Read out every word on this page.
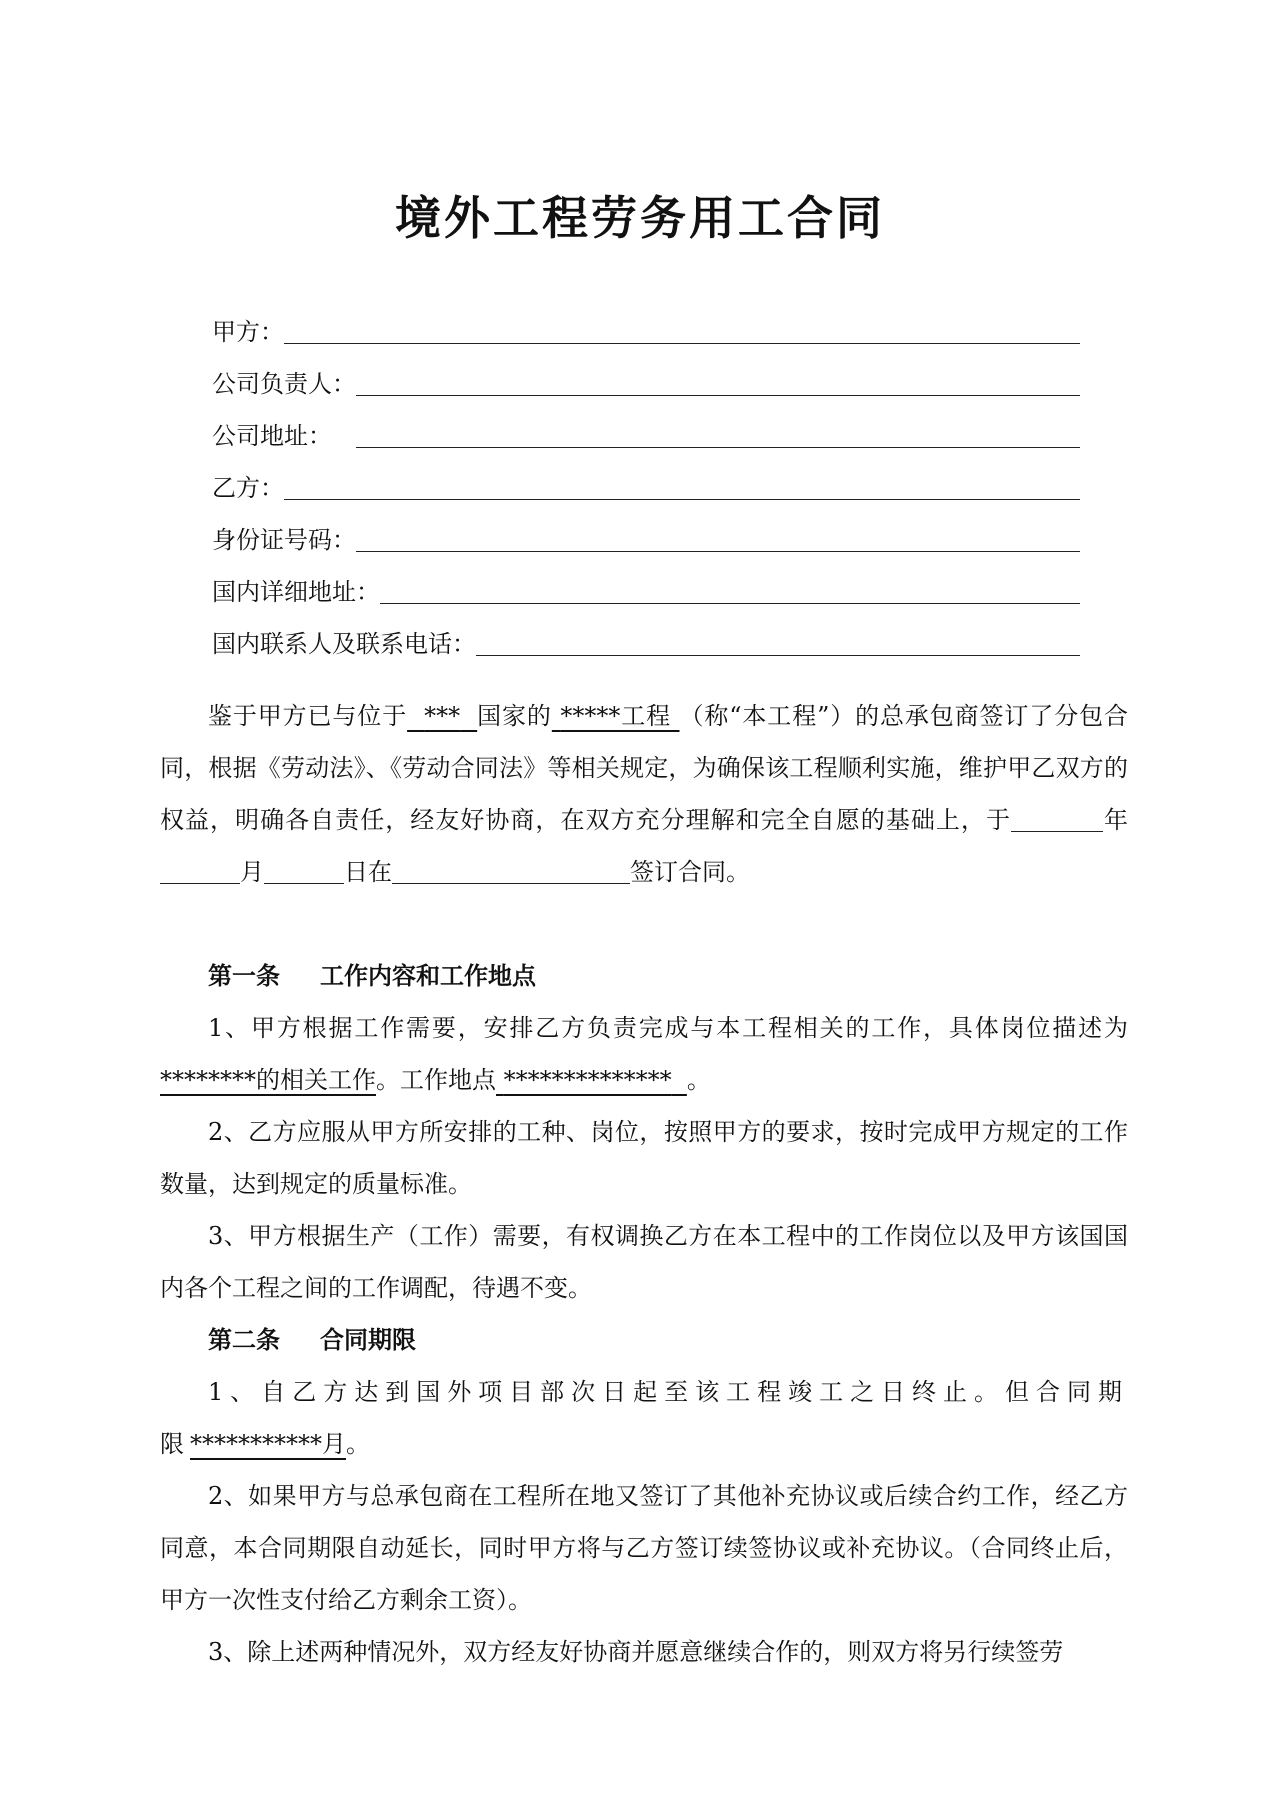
境外工程劳务用工合同
甲方：
公司负责人：
公司地址：
乙方：
身份证号码：
国内详细地址：
国内联系人及联系电话：

鉴于甲方已与位于 *** 国家的 *****工程 （称“本工程”）的总承包商签订了分包合同，根据《劳动法》、《劳动合同法》等相关规定，为确保该工程顺利实施，维护甲乙双方的权益，明确各自责任，经友好协商，在双方充分理解和完全自愿的基础上，于	年月	日在	签订合同。

第一条 工作内容和工作地点

1、甲方根据工作需要，安排乙方负责完成与本工程相关的工作，具体岗位描述为********的相关工作。工作地点 ************** 。

2、乙方应服从甲方所安排的工种、岗位，按照甲方的要求，按时完成甲方规定的工作数量，达到规定的质量标准。

3、甲方根据生产（工作）需要，有权调换乙方在本工程中的工作岗位以及甲方该国国内各个工程之间的工作调配，待遇不变。

第二条 合同期限

1、自乙方达到国外项目部次日起至该工程竣工之日终止。但合同期限***********月。

2、如果甲方与总承包商在工程所在地又签订了其他补充协议或后续合约工作，经乙方同意，本合同期限自动延长，同时甲方将与乙方签订续签协议或补充协议。（合同终止后，甲方一次性支付给乙方剩余工资）。

3、除上述两种情况外，双方经友好协商并愿意继续合作的，则双方将另行续签劳
